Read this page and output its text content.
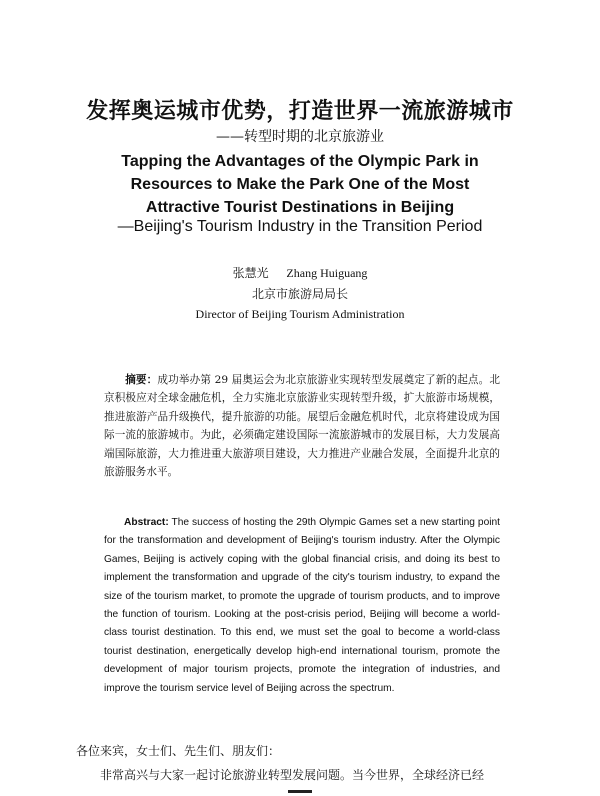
发挥奥运城市优势，打造世界一流旅游城市
——转型时期的北京旅游业
Tapping the Advantages of the Olympic Park in
Resources to Make the Park One of the Most
Attractive Tourist Destinations in Beijing
—Beijing's Tourism Industry in the Transition Period
张慧光 Zhang Huiguang
北京市旅游局局长
Director of Beijing Tourism Administration
摘要：成功举办第 29 届奥运会为北京旅游业实现转型发展奠定了新的起点。北京积极应对全球金融危机，全力实施北京旅游业实现转型升级，扩大旅游市场规模，推进旅游产品升级换代，提升旅游的功能。展望后金融危机时代，北京将建设成为国际一流的旅游城市。为此，必须确定建设国际一流旅游城市的发展目标，大力发展高端国际旅游，大力推进重大旅游项目建设，大力推进产业融合发展，全面提升北京的旅游服务水平。
Abstract: The success of hosting the 29th Olympic Games set a new starting point for the transformation and development of Beijing's tourism industry. After the Olympic Games, Beijing is actively coping with the global financial crisis, and doing its best to implement the transformation and upgrade of the city's tourism industry, to expand the size of the tourism market, to promote the upgrade of tourism products, and to improve the function of tourism. Looking at the post-crisis period, Beijing will become a world-class tourist destination. To this end, we must set the goal to become a world-class tourist destination, energetically develop high-end international tourism, promote the development of major tourism projects, promote the integration of industries, and improve the tourism service level of Beijing across the spectrum.
各位来宾，女士们、先生们、朋友们：
非常高兴与大家一起讨论旅游业转型发展问题。当今世界，全球经济已经
